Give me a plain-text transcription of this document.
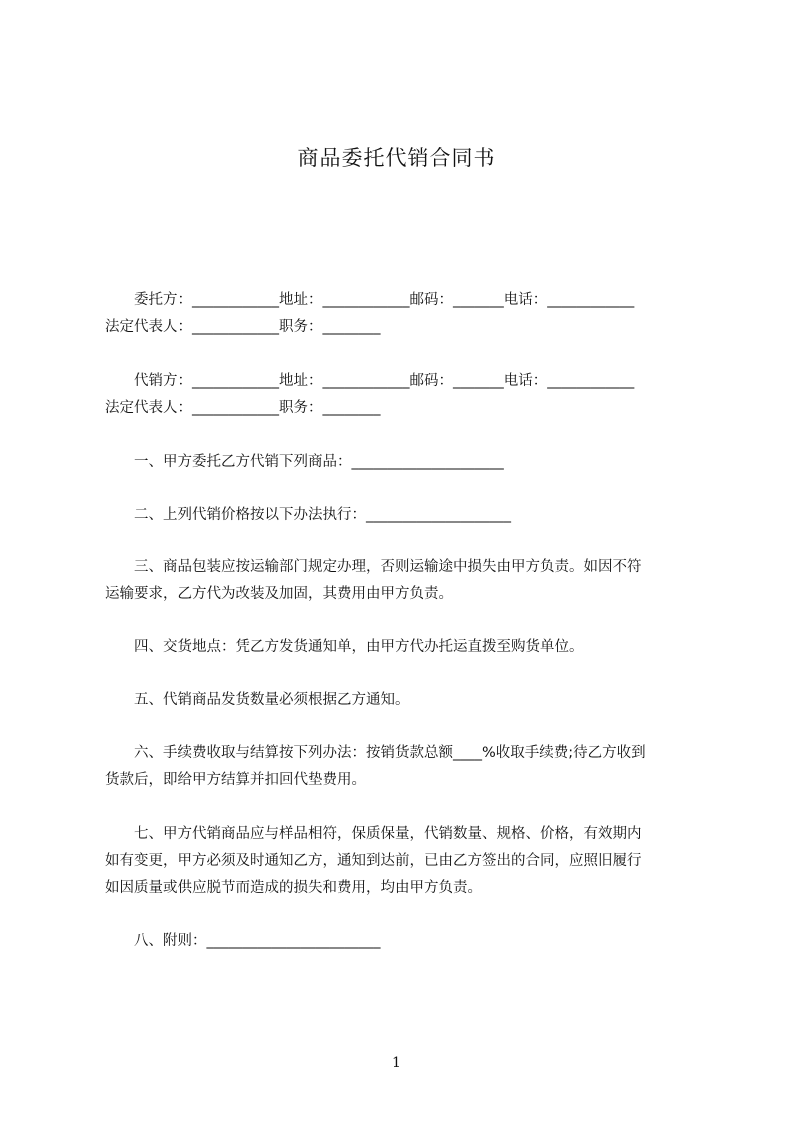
商品委托代销合同书
　　委托方：____________地址：____________邮码：_______电话：____________
法定代表人：____________职务：________
　　代销方：____________地址：____________邮码：_______电话：____________
法定代表人：____________职务：________
　　一、甲方委托乙方代销下列商品：_____________________
　　二、上列代销价格按以下办法执行：____________________
　　三、商品包装应按运输部门规定办理，否则运输途中损失由甲方负责。如因不符
运输要求，乙方代为改装及加固，其费用由甲方负责。
　　四、交货地点：凭乙方发货通知单，由甲方代办托运直拨至购货单位。
　　五、代销商品发货数量必须根据乙方通知。
　　六、手续费收取与结算按下列办法：按销货款总额____%收取手续费;待乙方收到
货款后，即给甲方结算并扣回代垫费用。
　　七、甲方代销商品应与样品相符，保质保量，代销数量、规格、价格，有效期内
如有变更，甲方必须及时通知乙方，通知到达前，已由乙方签出的合同，应照旧履行
如因质量或供应脱节而造成的损失和费用，均由甲方负责。
　　八、附则：________________________
1
